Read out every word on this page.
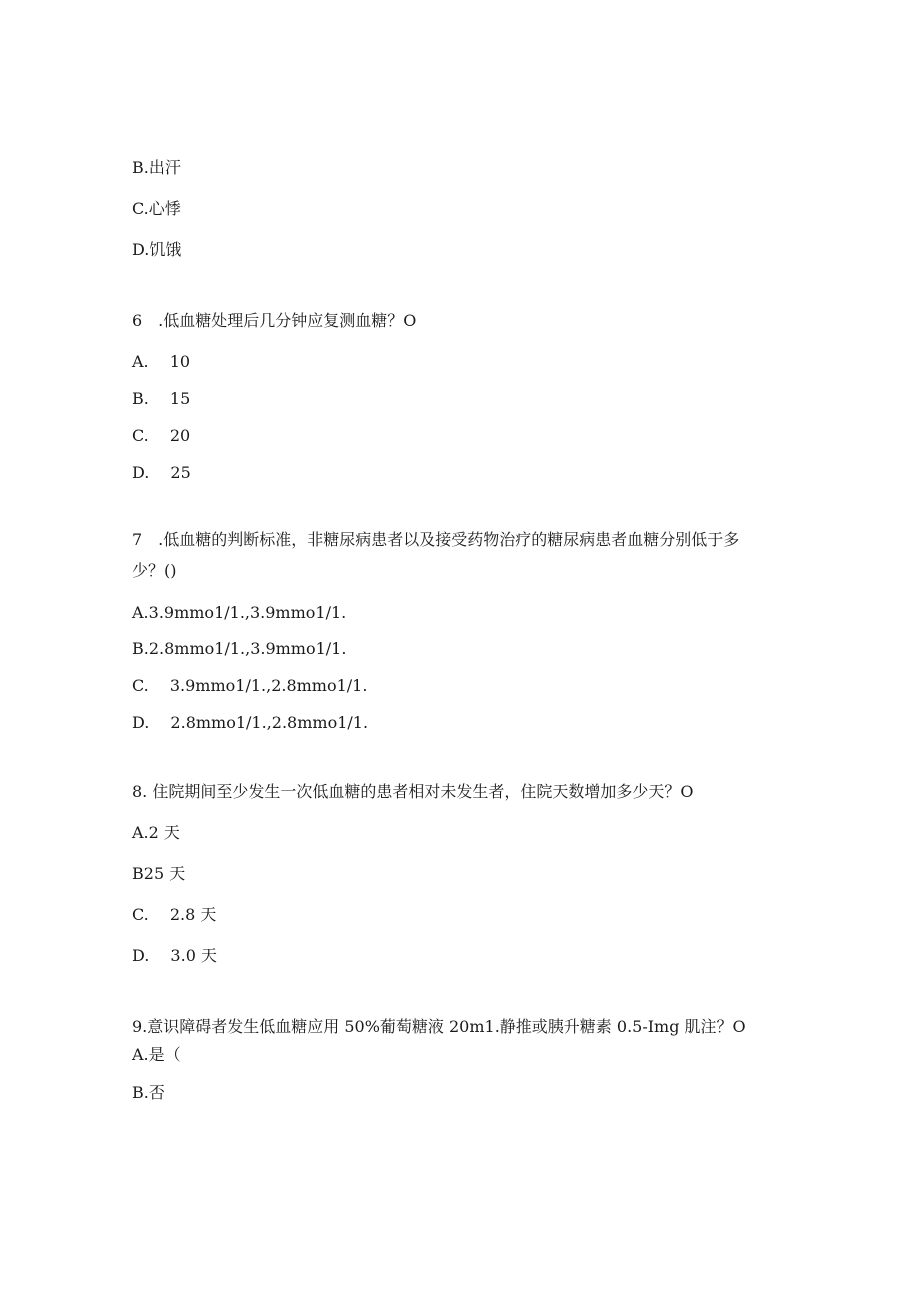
B.出汗
C.心悸
D.饥饿
6　.低血糖处理后几分钟应复测血糖？O
A.　 10
B.　 15
C.　 20
D.　 25
7　.低血糖的判断标准，非糖尿病患者以及接受药物治疗的糖尿病患者血糖分别低于多
少？()
A.3.9mmo1∕1.,3.9mmo1∕1.
B.2.8mmo1∕1.,3.9mmo1∕1.
C.　 3.9mmo1∕1.,2.8mmo1∕1.
D.　 2.8mmo1∕1.,2.8mmo1∕1.
8. 住院期间至少发生一次低血糖的患者相对未发生者，住院天数增加多少天？O
A.2 天
B25 天
C.　 2.8 天
D.　 3.0 天
9.意识障碍者发生低血糖应用 50%葡萄糖液 20m1.静推或胰升糖素 0.5-Img 肌注？O
A.是（
B.否
